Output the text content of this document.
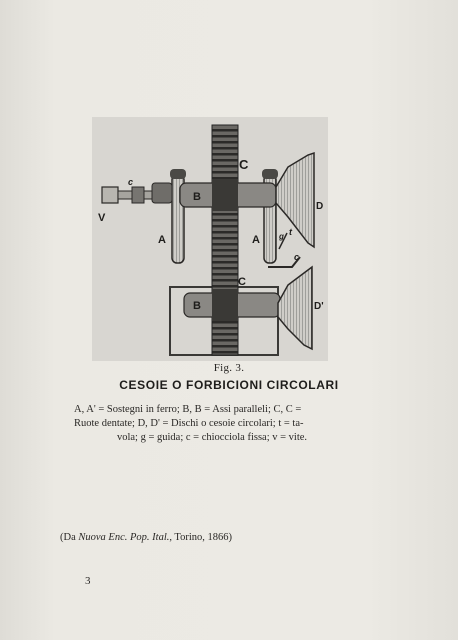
C
c
B
B
C
V
A	A
D
D'
t
g
c
Fig. 3.
CESOIE O FORBICIONI CIRCOLARI

A, A' = Sostegni in ferro; B, B = Assi paralleli; C, C =

Ruote dentate; D, D' = Dischi o cesoie circolari; t = ta-

vola; g = guida; c = chiocciola fissa; v = vite.

(Da Nuova Enc. Pop. Ital., Torino, 1866)
3
